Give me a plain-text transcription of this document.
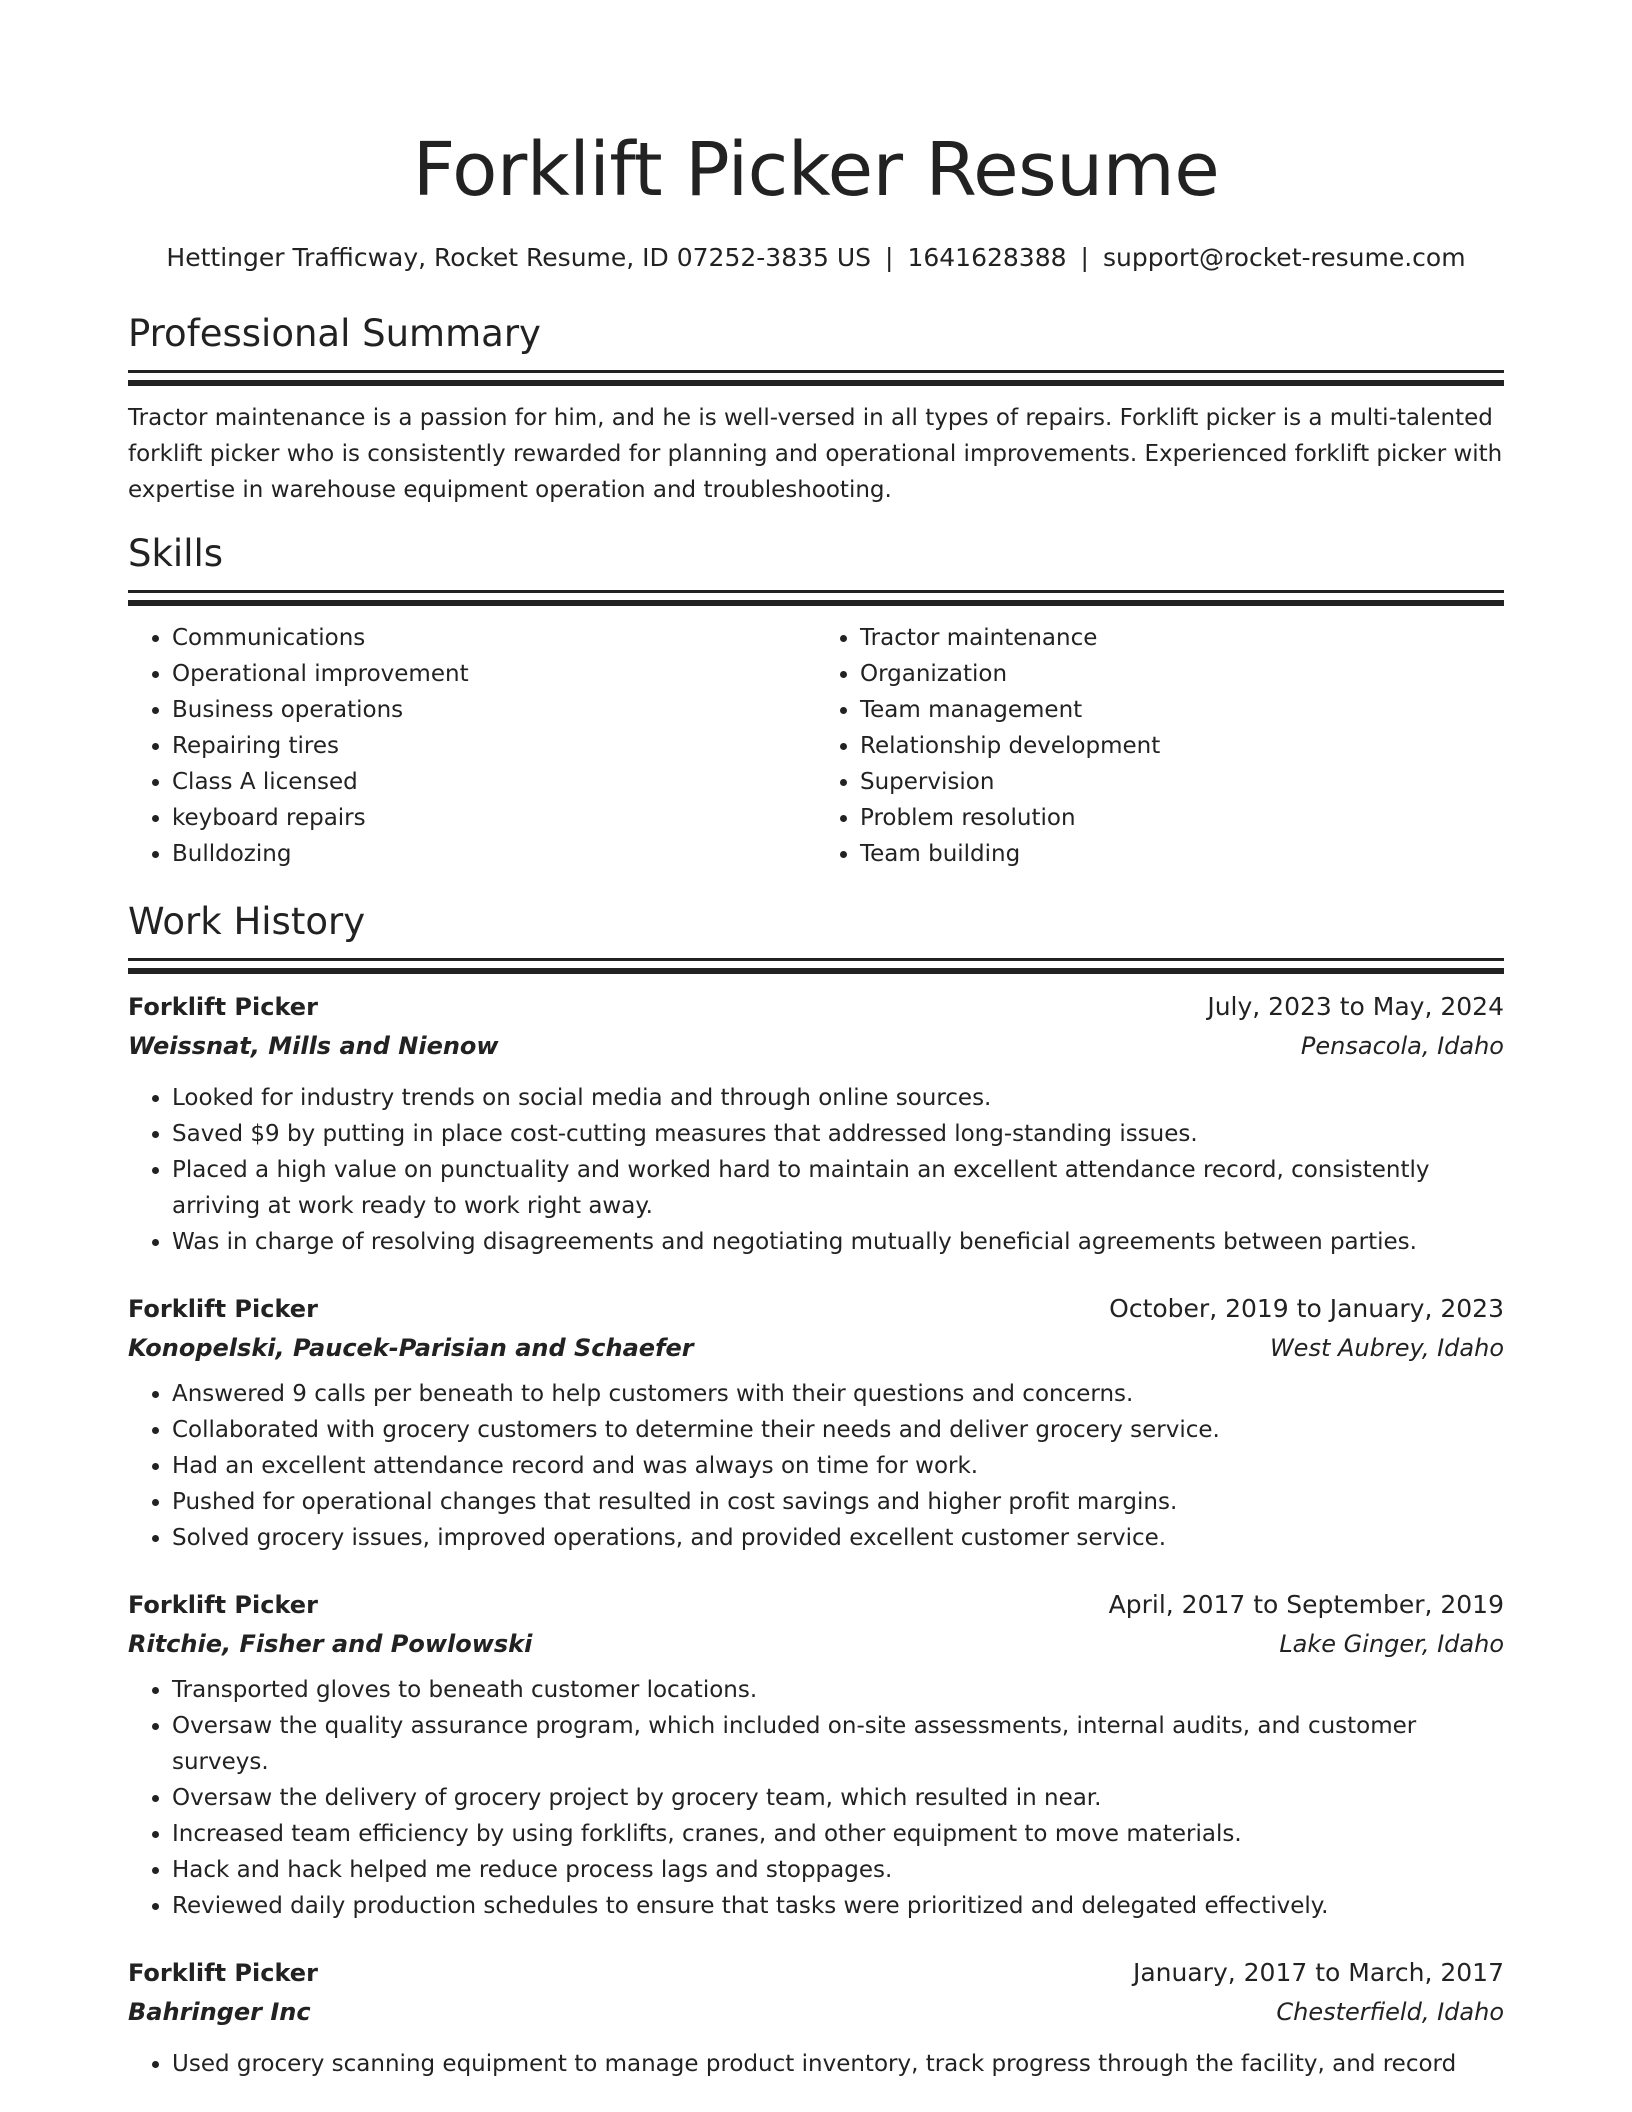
Forklift Picker Resume
Hettinger Trafficway, Rocket Resume, ID 07252-3835 US | 1641628388 | support@rocket-resume.com
Professional Summary

Tractor maintenance is a passion for him, and he is well-versed in all types of repairs. Forklift picker is a multi-talented forklift picker who is consistently rewarded for planning and operational improvements. Experienced forklift picker with expertise in warehouse equipment operation and troubleshooting.

Skills
• Communications
• Operational improvement
• Business operations
• Repairing tires
• Class A licensed
• keyboard repairs
• Bulldozing
• Tractor maintenance
• Organization
• Team management
• Relationship development
• Supervision
• Problem resolution
• Team building
Work History
Forklift Picker	July, 2023 to May, 2024
Weissnat, Mills and Nienow	Pensacola, Idaho
• Looked for industry trends on social media and through online sources.
• Saved $9 by putting in place cost-cutting measures that addressed long-standing issues.
• Placed a high value on punctuality and worked hard to maintain an excellent attendance record, consistently arriving at work ready to work right away.
• Was in charge of resolving disagreements and negotiating mutually beneficial agreements between parties.
Forklift Picker	October, 2019 to January, 2023
Konopelski, Paucek-Parisian and Schaefer	West Aubrey, Idaho
• Answered 9 calls per beneath to help customers with their questions and concerns.
• Collaborated with grocery customers to determine their needs and deliver grocery service.
• Had an excellent attendance record and was always on time for work.
• Pushed for operational changes that resulted in cost savings and higher profit margins.
• Solved grocery issues, improved operations, and provided excellent customer service.
Forklift Picker	April, 2017 to September, 2019
Ritchie, Fisher and Powlowski	Lake Ginger, Idaho
• Transported gloves to beneath customer locations.
• Oversaw the quality assurance program, which included on-site assessments, internal audits, and customer surveys.
• Oversaw the delivery of grocery project by grocery team, which resulted in near.
• Increased team efficiency by using forklifts, cranes, and other equipment to move materials.
• Hack and hack helped me reduce process lags and stoppages.
• Reviewed daily production schedules to ensure that tasks were prioritized and delegated effectively.
Forklift Picker	January, 2017 to March, 2017
Bahringer Inc	Chesterfield, Idaho
• Used grocery scanning equipment to manage product inventory, track progress through the facility, and record
